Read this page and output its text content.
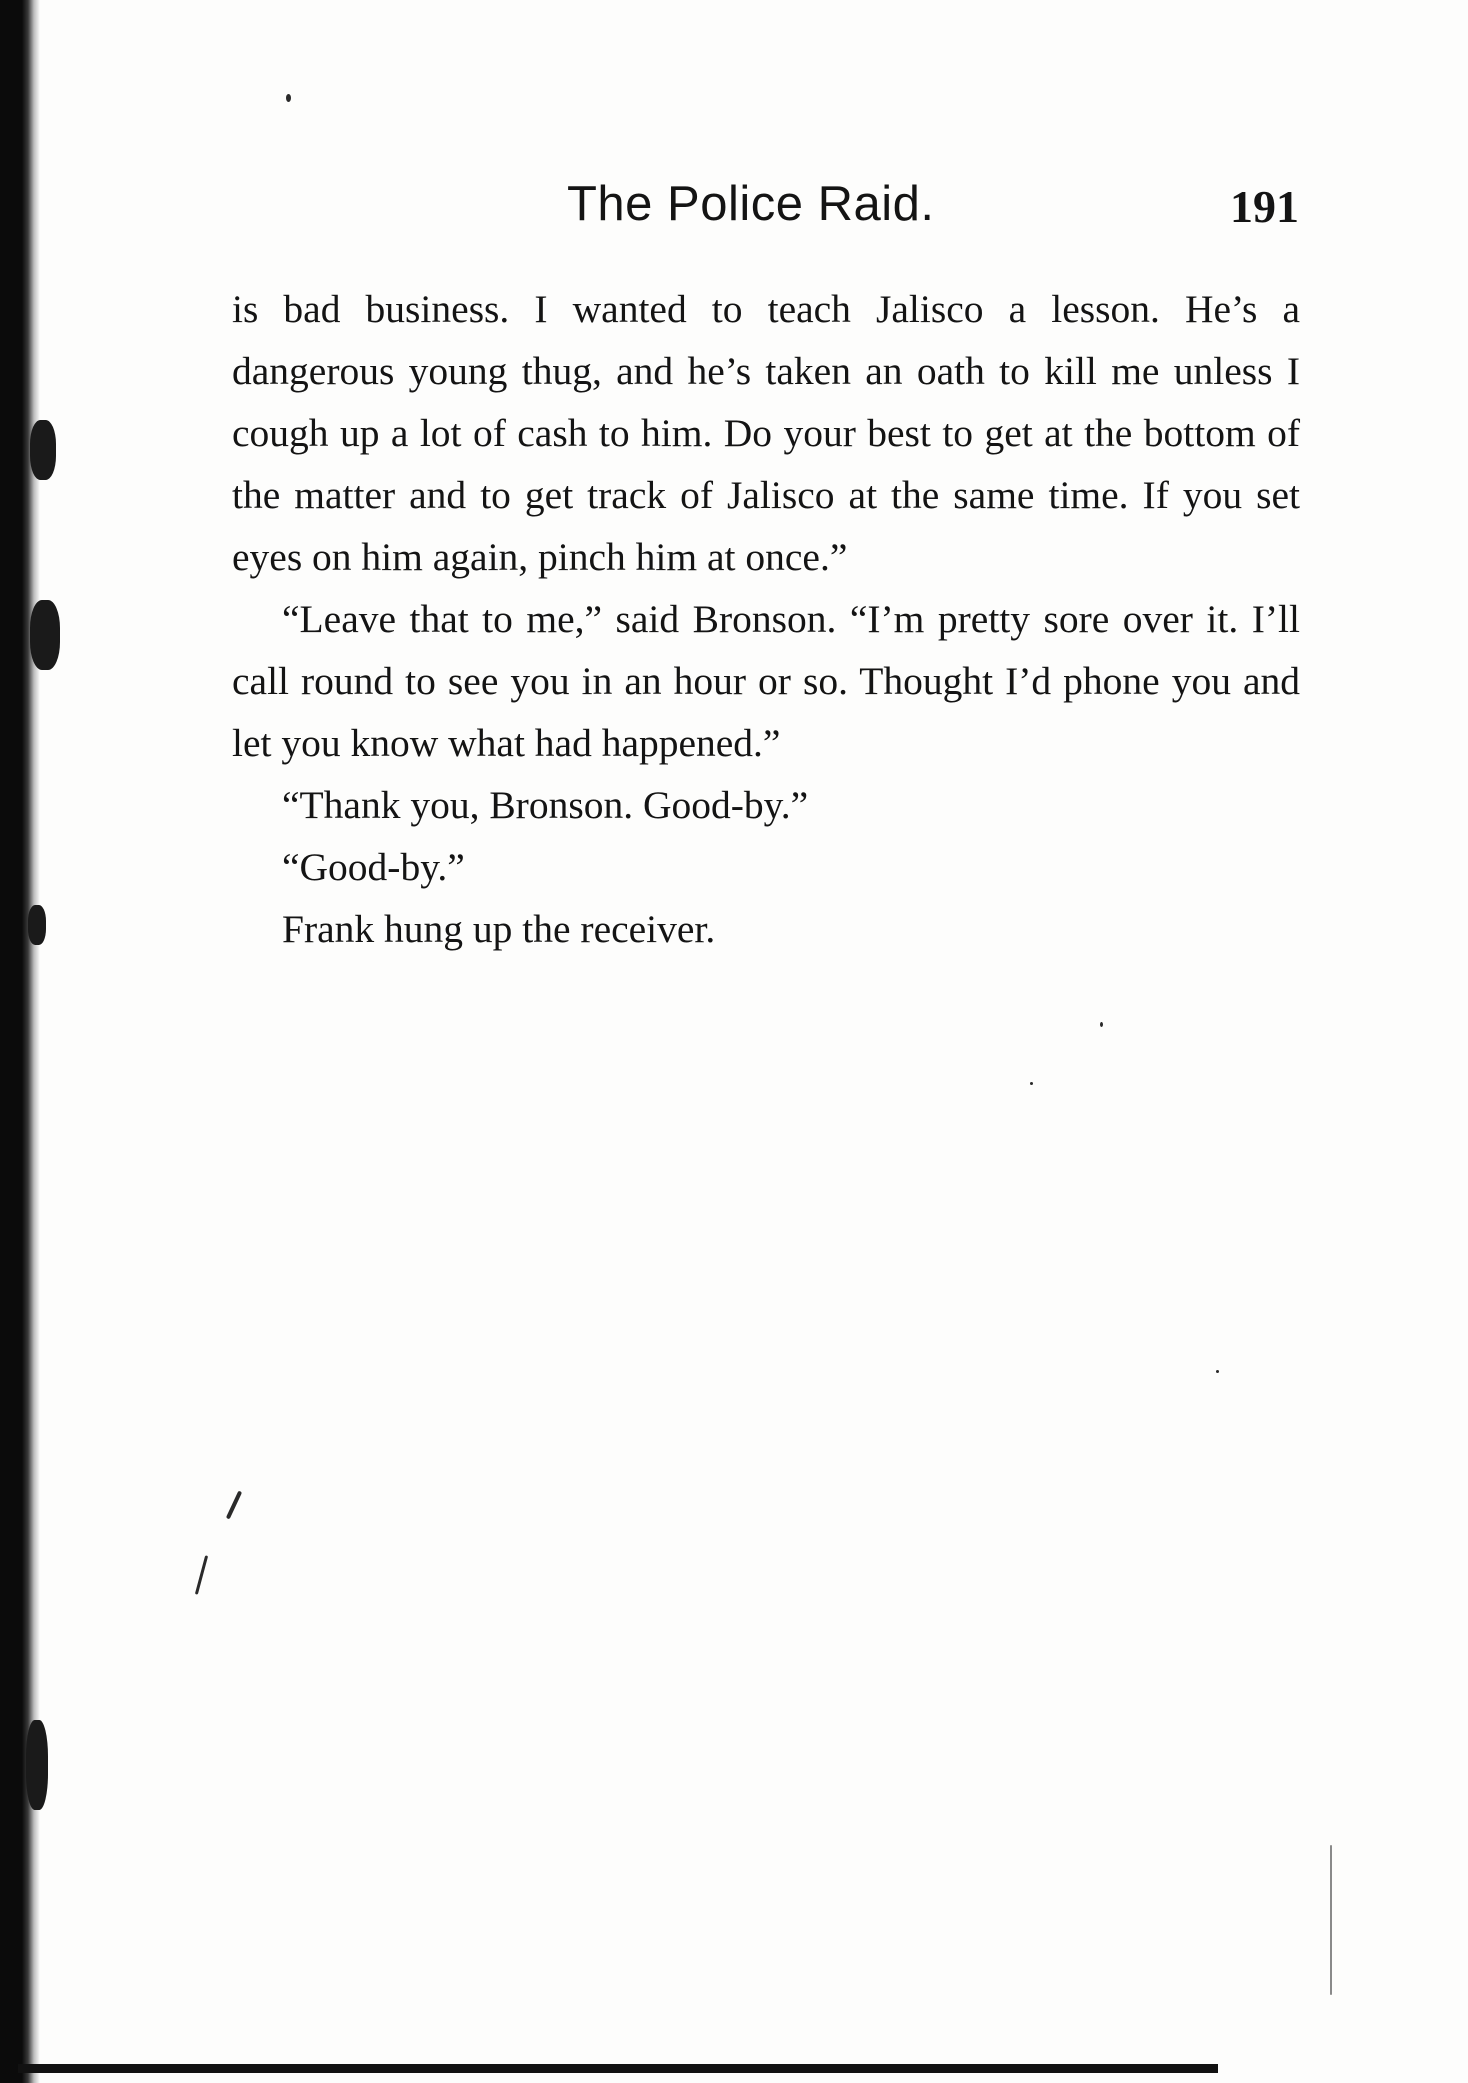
The Police Raid.	191

is bad business. I wanted to teach Jalisco a lesson. He’s a dangerous young thug, and he’s taken an oath to kill me unless I cough up a lot of cash to him. Do your best to get at the bottom of the matter and to get track of Jalisco at the same time. If you set eyes on him again, pinch him at once.”

“Leave that to me,” said Bronson. “I’m pretty sore over it. I’ll call round to see you in an hour or so. Thought I’d phone you and let you know what had happened.”

“Thank you, Bronson. Good-by.”

“Good-by.”

Frank hung up the receiver.
